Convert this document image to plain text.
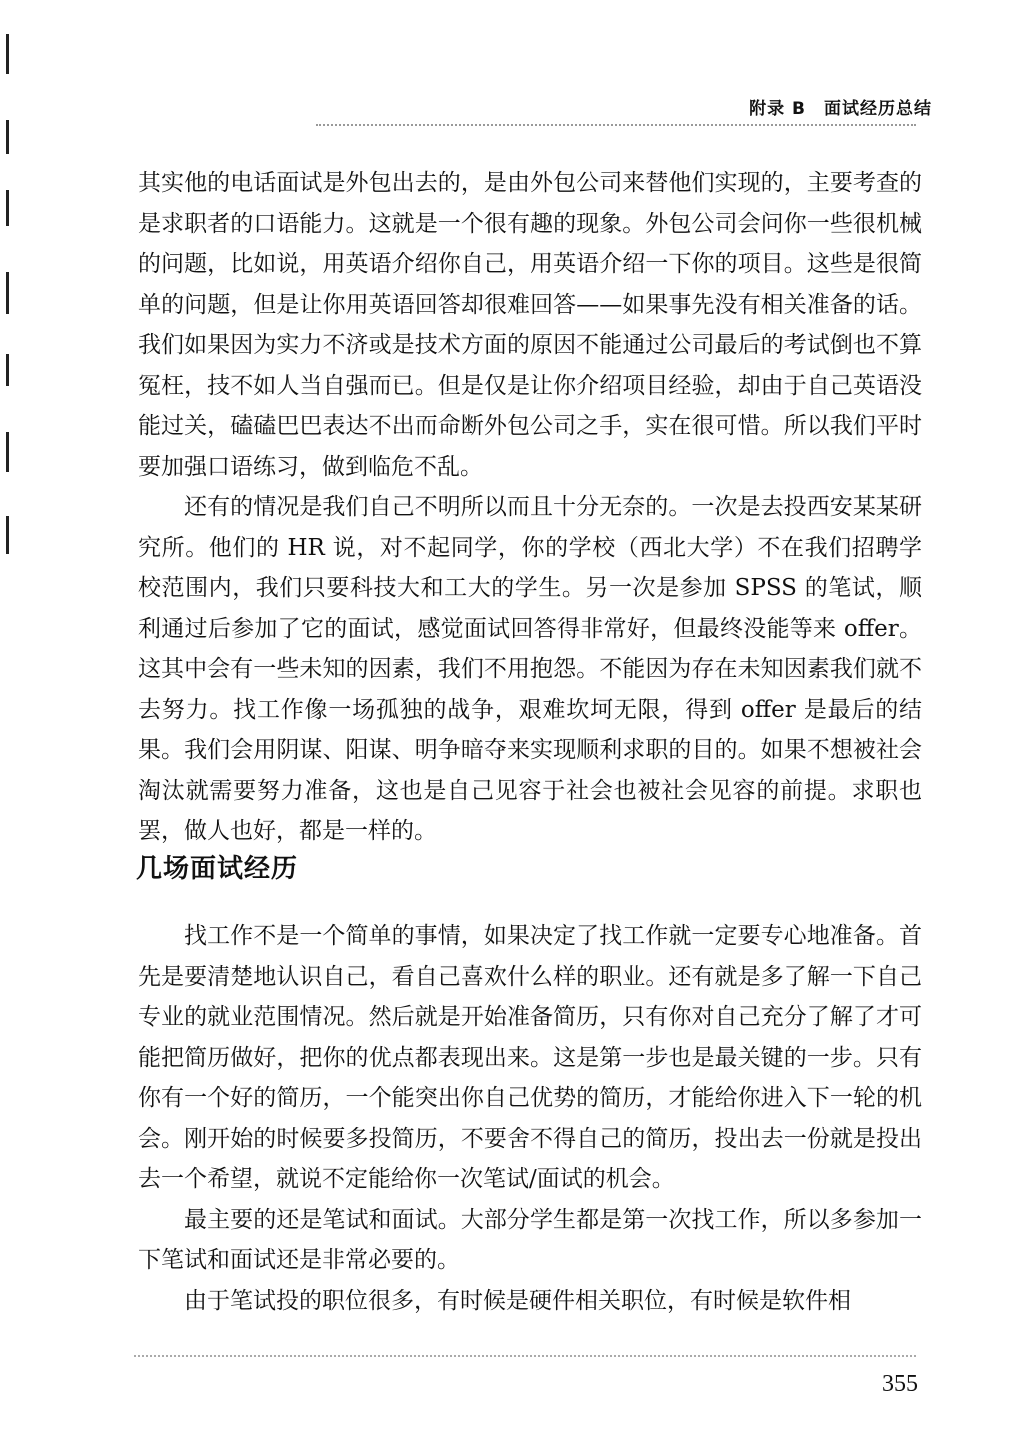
附录 B　面试经历总结

其实他的电话面试是外包出去的，是由外包公司来替他们实现的，主要考查的是求职者的口语能力。这就是一个很有趣的现象。外包公司会问你一些很机械的问题，比如说，用英语介绍你自己，用英语介绍一下你的项目。这些是很简单的问题，但是让你用英语回答却很难回答——如果事先没有相关准备的话。我们如果因为实力不济或是技术方面的原因不能通过公司最后的考试倒也不算冤枉，技不如人当自强而已。但是仅是让你介绍项目经验，却由于自己英语没能过关，磕磕巴巴表达不出而命断外包公司之手，实在很可惜。所以我们平时要加强口语练习，做到临危不乱。

还有的情况是我们自己不明所以而且十分无奈的。一次是去投西安某某研究所。他们的 HR 说，对不起同学，你的学校（西北大学）不在我们招聘学校范围内，我们只要科技大和工大的学生。另一次是参加 SPSS 的笔试，顺利通过后参加了它的面试，感觉面试回答得非常好，但最终没能等来 offer。这其中会有一些未知的因素，我们不用抱怨。不能因为存在未知因素我们就不去努力。找工作像一场孤独的战争，艰难坎坷无限，得到 offer 是最后的结果。我们会用阴谋、阳谋、明争暗夺来实现顺利求职的目的。如果不想被社会淘汰就需要努力准备，这也是自己见容于社会也被社会见容的前提。求职也罢，做人也好，都是一样的。

几场面试经历

找工作不是一个简单的事情，如果决定了找工作就一定要专心地准备。首先是要清楚地认识自己，看自己喜欢什么样的职业。还有就是多了解一下自己专业的就业范围情况。然后就是开始准备简历，只有你对自己充分了解了才可能把简历做好，把你的优点都表现出来。这是第一步也是最关键的一步。只有你有一个好的简历，一个能突出你自己优势的简历，才能给你进入下一轮的机会。刚开始的时候要多投简历，不要舍不得自己的简历，投出去一份就是投出去一个希望，就说不定能给你一次笔试/面试的机会。

最主要的还是笔试和面试。大部分学生都是第一次找工作，所以多参加一下笔试和面试还是非常必要的。

由于笔试投的职位很多，有时候是硬件相关职位，有时候是软件相

355
